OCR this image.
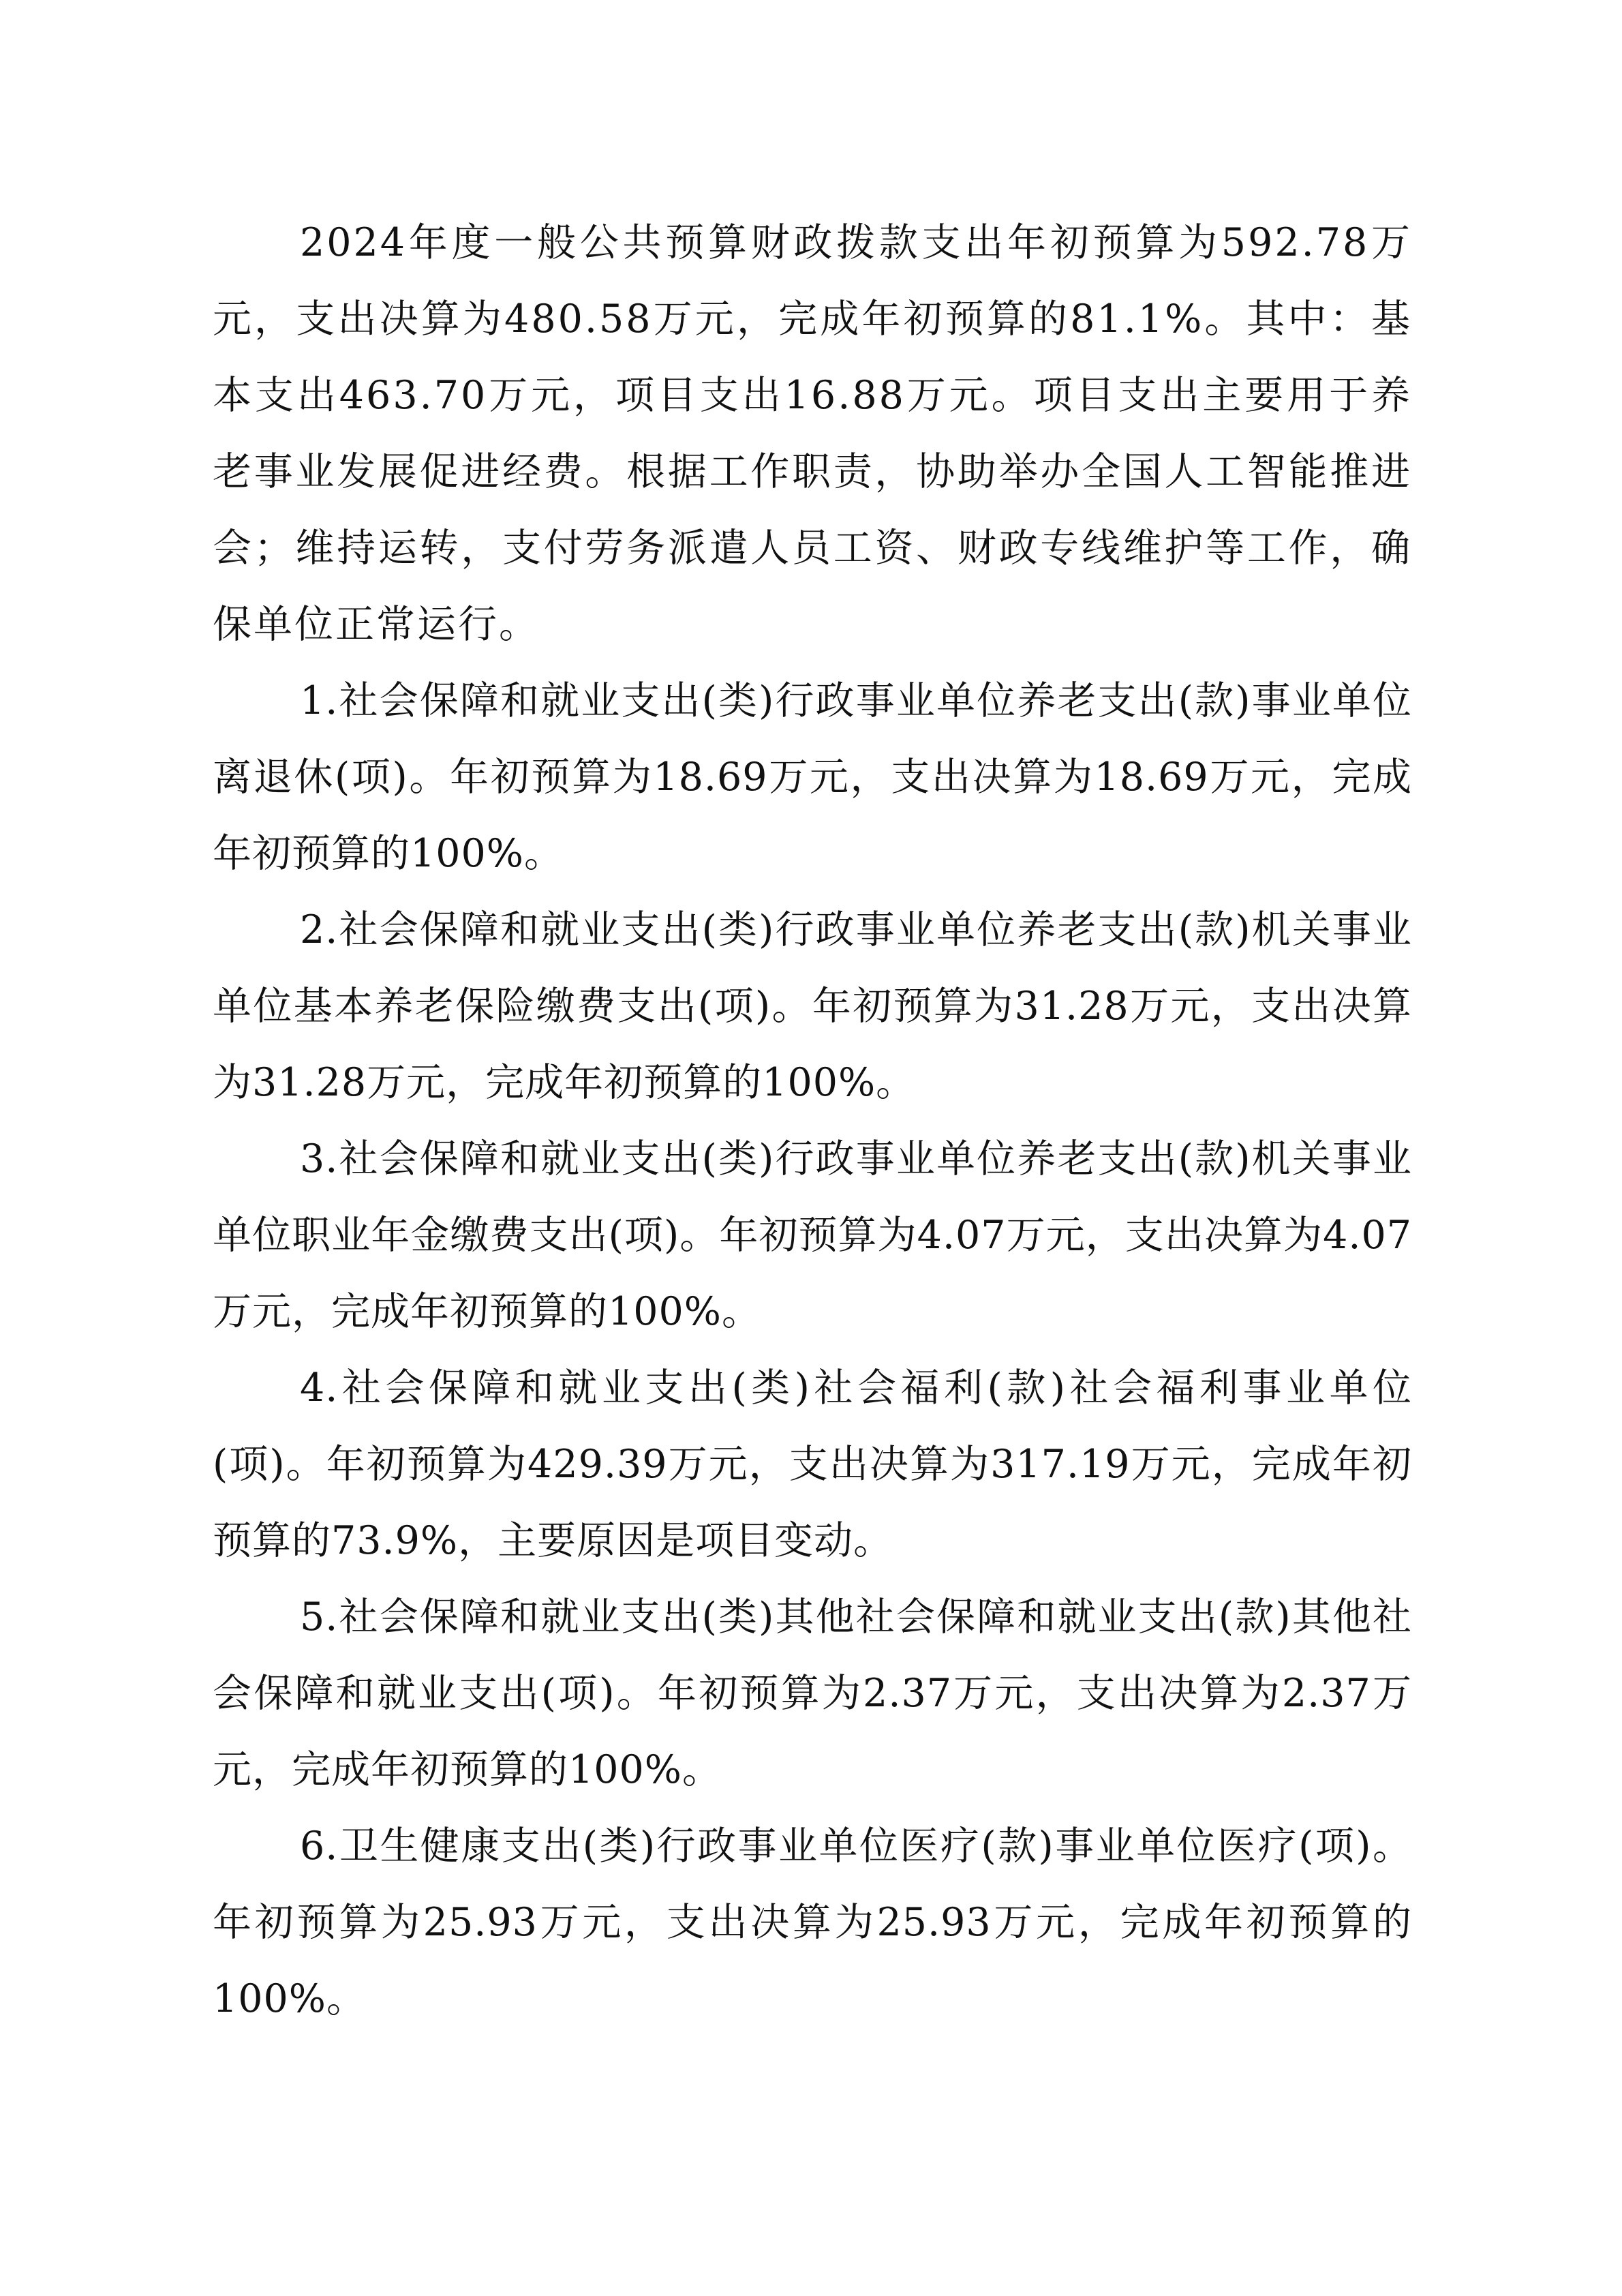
2024年度一般公共预算财政拨款支出年初预算为592.78万元，支出决算为480.58万元，完成年初预算的81.1%。其中：基本支出463.70万元，项目支出16.88万元。项目支出主要用于养老事业发展促进经费。根据工作职责，协助举办全国人工智能推进会；维持运转，支付劳务派遣人员工资、财政专线维护等工作，确保单位正常运行。

1.社会保障和就业支出(类)行政事业单位养老支出(款)事业单位离退休(项)。年初预算为18.69万元，支出决算为18.69万元，完成年初预算的100%。

2.社会保障和就业支出(类)行政事业单位养老支出(款)机关事业单位基本养老保险缴费支出(项)。年初预算为31.28万元，支出决算为31.28万元，完成年初预算的100%。

3.社会保障和就业支出(类)行政事业单位养老支出(款)机关事业单位职业年金缴费支出(项)。年初预算为4.07万元，支出决算为4.07万元，完成年初预算的100%。

4.社会保障和就业支出(类)社会福利(款)社会福利事业单位(项)。年初预算为429.39万元，支出决算为317.19万元，完成年初预算的73.9%，主要原因是项目变动。

5.社会保障和就业支出(类)其他社会保障和就业支出(款)其他社会保障和就业支出(项)。年初预算为2.37万元，支出决算为2.37万元，完成年初预算的100%。

6.卫生健康支出(类)行政事业单位医疗(款)事业单位医疗(项)。年初预算为25.93万元，支出决算为25.93万元，完成年初预算的100%。
